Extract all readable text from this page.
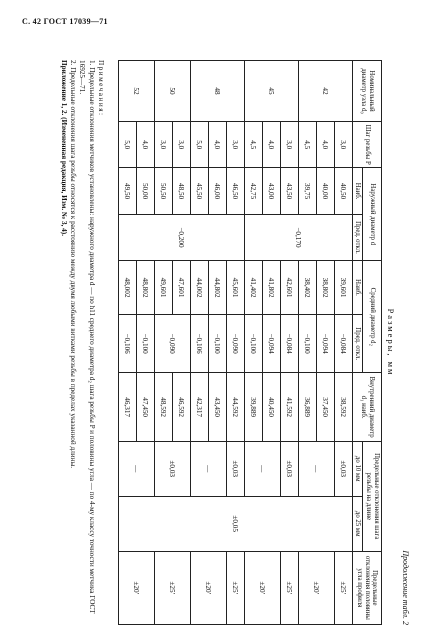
С. 42 ГОСТ 17039—71
Продолжение табл. 2
Размеры, мм
Номинальный диаметр узла d₀	Шаг резьбы P	Наружный диаметр d		Средний диаметр d₂		Внутренний диаметр d₁ наиб.	Предельные отклонения шага резьбы на длине		Предельные отклонения половины угла профиля
		Наиб.	Пред. откл.	Наиб.	Пред. откл.		до 10 мм	до 25 мм	
42	3,0	40,50	−0,170	39,601	−0,084	38,592	±0,03	±0,05	±25′
	4,0	40,00		38,802	−0,094	37,450	—		±20′
	4,5	39,75		38,402	−0,100	36,889			
45	3,0	43,50		42,601	−0,084	41,592	±0,03		±25′
	4,0	43,00		41,802	−0,094	40,450	—		±20′
	4,5	42,75		41,402	−0,100	39,889			
48	3,0	46,50	−0,200	45,601	−0,090	44,592	±0,03		±25′
	4,0	46,00		44,802	−0,100	43,450	—		±20′
	5,0	45,50		44,002	−0,106	42,317			
50	3,0	48,50		47,601	−0,090	46,592	±0,03		±25′
	3,0	50,50		49,601		48,592			
52	4,0	50,00		48,802	−0,100	47,450	—		±20′
	5,0	49,50		48,002	−0,106	46,317			

Примечания:

1. Предельные отклонения метчиков установлены: наружного диаметра d — по h11 среднего диаметра d₂ шага резьбы P и половины угла — по 4-му классу точности метчика ГОСТ 16925—71.

2. Предельные отклонения шага резьбы относятся к расстоянию между двумя любыми витками резьбы в пределах указанной длины.

Приложение 1, 2. (Измененная редакция, Изм. № 3, 4).
